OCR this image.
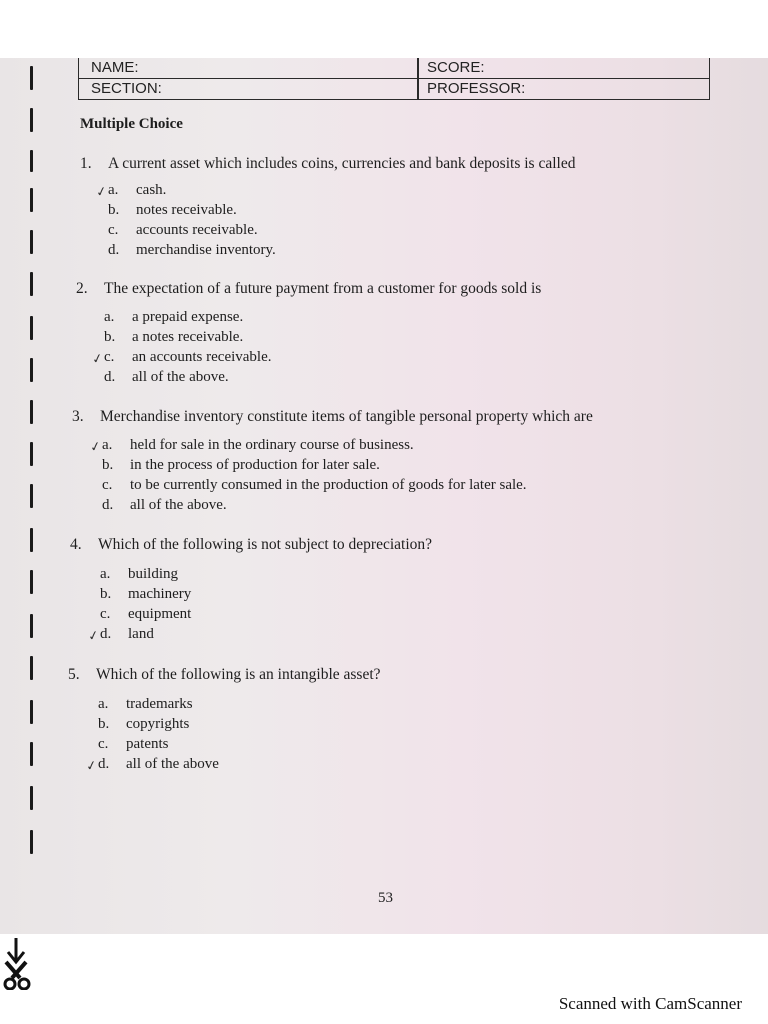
NAME:	SCORE:
SECTION:	PROFESSOR:
Multiple Choice
1. A current asset which includes coins, currencies and bank deposits is called
✓ a. cash.
b. notes receivable.
c. accounts receivable.
d. merchandise inventory.
2. The expectation of a future payment from a customer for goods sold is
a. a prepaid expense.
b. a notes receivable.
✓ c. an accounts receivable.
d. all of the above.
3. Merchandise inventory constitute items of tangible personal property which are
✓ a. held for sale in the ordinary course of business.
b. in the process of production for later sale.
c. to be currently consumed in the production of goods for later sale.
d. all of the above.
4. Which of the following is not subject to depreciation?
a. building
b. machinery
c. equipment
✓ d. land
5. Which of the following is an intangible asset?
a. trademarks
b. copyrights
c. patents
✓ d. all of the above
53
Scanned with CamScanner
